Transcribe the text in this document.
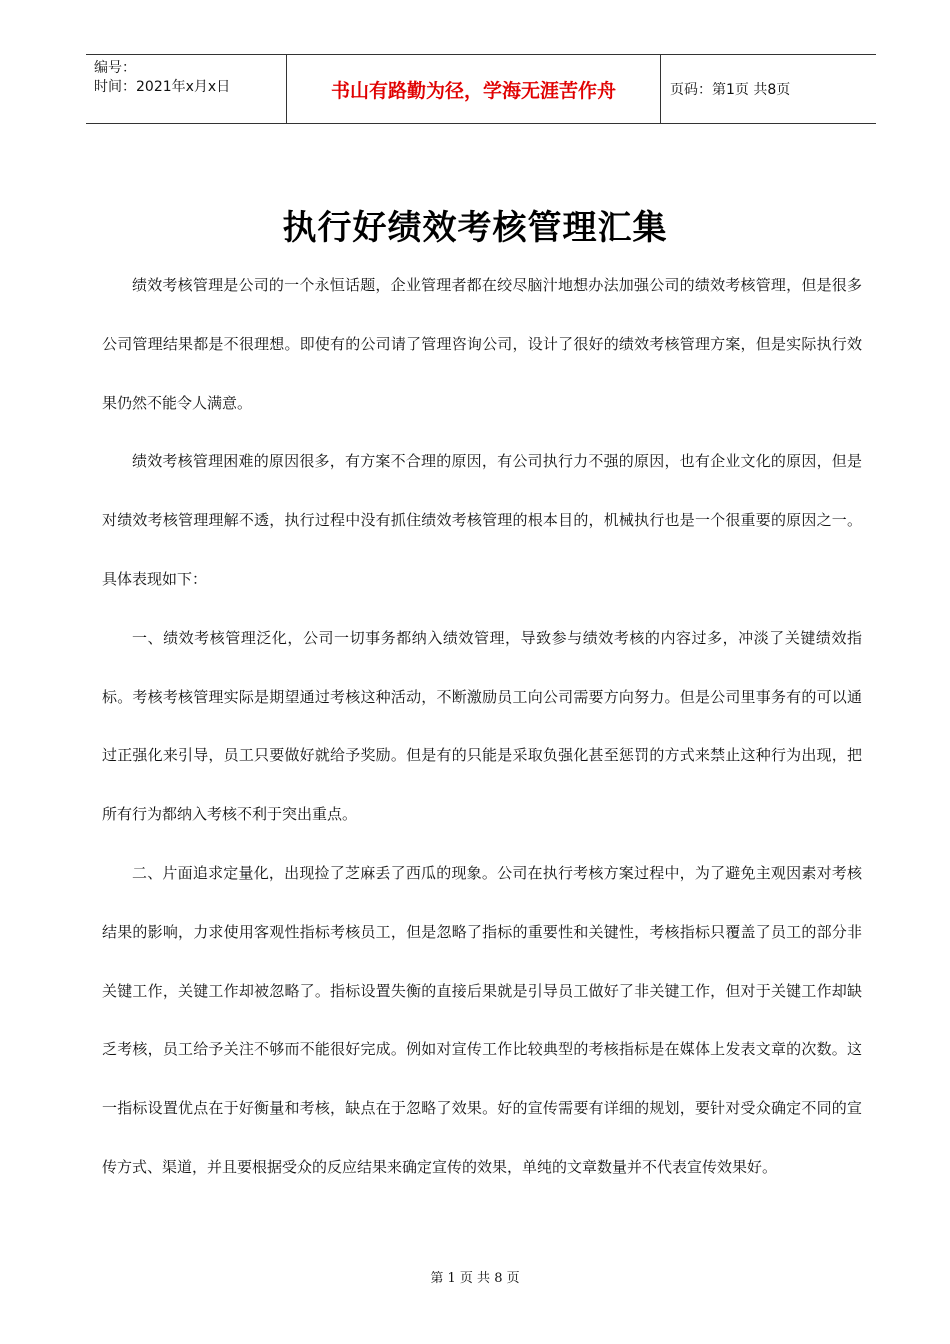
编号：
时间：2021年x月x日	书山有路勤为径，学海无涯苦作舟	页码：第1页 共8页
执行好绩效考核管理汇集

绩效考核管理是公司的一个永恒话题，企业管理者都在绞尽脑汁地想办法加强公司的绩效考核管理，但是很多公司管理结果都是不很理想。即使有的公司请了管理咨询公司，设计了很好的绩效考核管理方案，但是实际执行效果仍然不能令人满意。

绩效考核管理困难的原因很多，有方案不合理的原因，有公司执行力不强的原因，也有企业文化的原因，但是对绩效考核管理理解不透，执行过程中没有抓住绩效考核管理的根本目的，机械执行也是一个很重要的原因之一。具体表现如下：

一、绩效考核管理泛化，公司一切事务都纳入绩效管理，导致参与绩效考核的内容过多，冲淡了关键绩效指标。考核考核管理实际是期望通过考核这种活动，不断激励员工向公司需要方向努力。但是公司里事务有的可以通过正强化来引导，员工只要做好就给予奖励。但是有的只能是采取负强化甚至惩罚的方式来禁止这种行为出现，把所有行为都纳入考核不利于突出重点。

二、片面追求定量化，出现捡了芝麻丢了西瓜的现象。公司在执行考核方案过程中，为了避免主观因素对考核结果的影响，力求使用客观性指标考核员工，但是忽略了指标的重要性和关键性，考核指标只覆盖了员工的部分非关键工作，关键工作却被忽略了。指标设置失衡的直接后果就是引导员工做好了非关键工作，但对于关键工作却缺乏考核，员工给予关注不够而不能很好完成。例如对宣传工作比较典型的考核指标是在媒体上发表文章的次数。这一指标设置优点在于好衡量和考核，缺点在于忽略了效果。好的宣传需要有详细的规划，要针对受众确定不同的宣传方式、渠道，并且要根据受众的反应结果来确定宣传的效果，单纯的文章数量并不代表宣传效果好。

第 1 页 共 8 页
